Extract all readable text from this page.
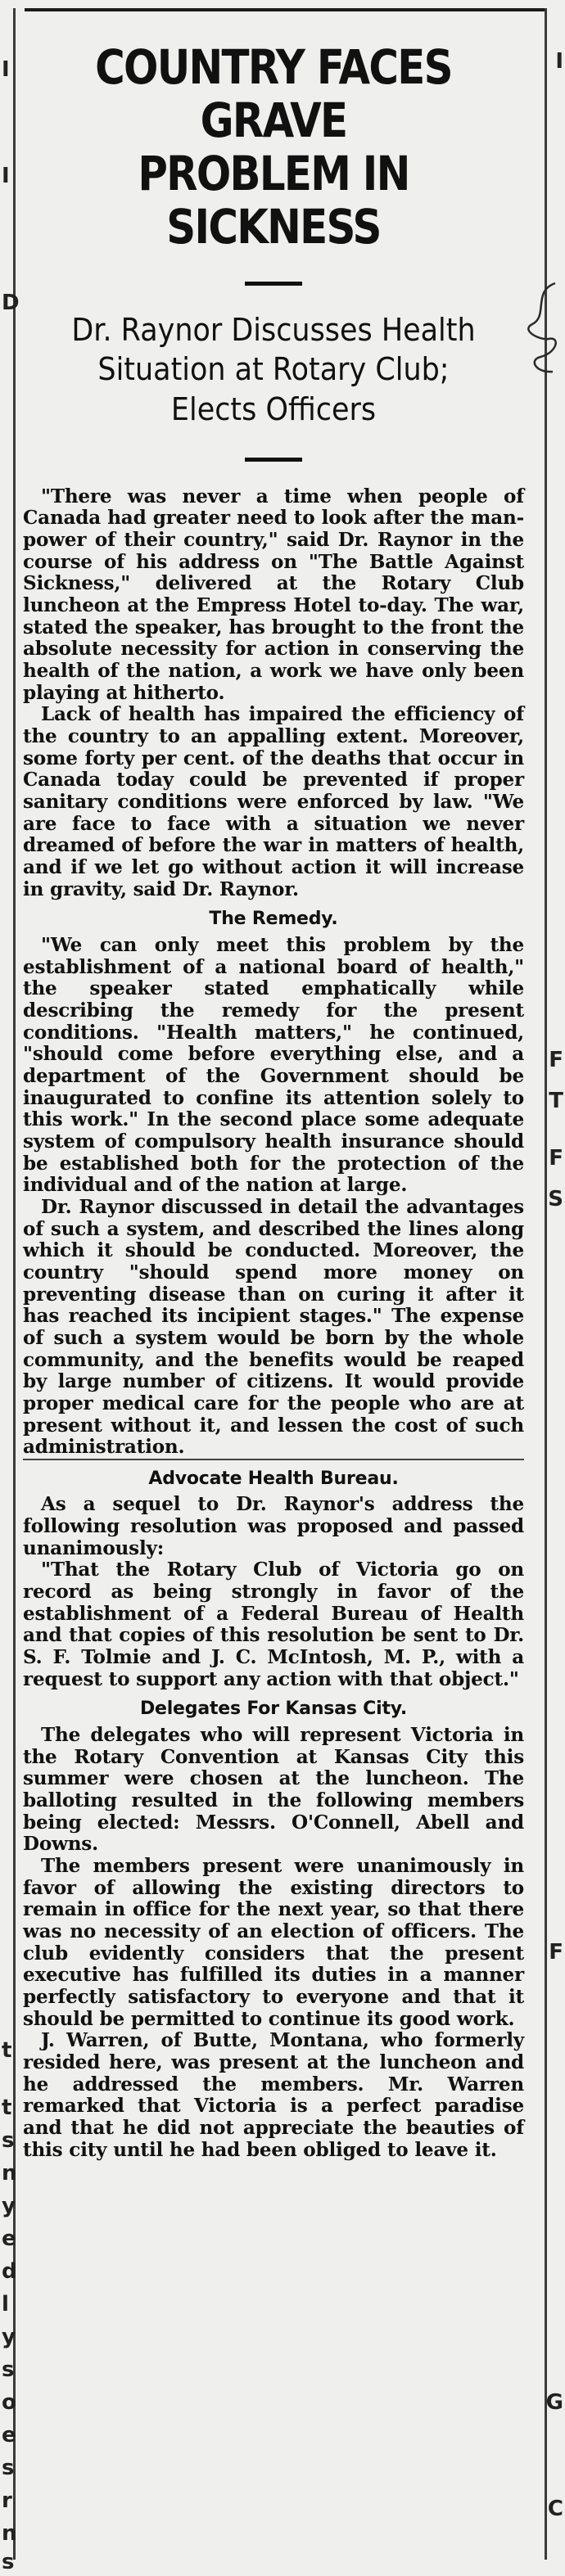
I
I
D
t
t
s
n
y
e
d
l
y
s
o
e
s
r
n
s
I
F
T
F
S
F
G
C
COUNTRY FACES GRAVE
PROBLEM IN SICKNESS
Dr. Raynor Discusses Health Situation at Rotary Club; Elects Officers

"There was never a time when people of Canada had greater need to look after the man-power of their country," said Dr. Raynor in the course of his address on "The Battle Against Sickness," delivered at the Rotary Club luncheon at the Empress Hotel to-day. The war, stated the speaker, has brought to the front the absolute necessity for action in conserving the health of the nation, a work we have only been playing at hitherto.

Lack of health has impaired the efficiency of the country to an appalling extent. Moreover, some forty per cent. of the deaths that occur in Canada today could be prevented if proper sanitary conditions were enforced by law. "We are face to face with a situation we never dreamed of before the war in matters of health, and if we let go without action it will increase in gravity, said Dr. Raynor.

The Remedy.

"We can only meet this problem by the establishment of a national board of health," the speaker stated emphatically while describing the remedy for the present conditions. "Health matters," he continued, "should come before everything else, and a department of the Government should be inaugurated to confine its attention solely to this work." In the second place some adequate system of compulsory health insurance should be established both for the protection of the individual and of the nation at large.

Dr. Raynor discussed in detail the advantages of such a system, and described the lines along which it should be conducted. Moreover, the country "should spend more money on preventing disease than on curing it after it has reached its incipient stages." The expense of such a system would be born by the whole community, and the benefits would be reaped by large number of citizens. It would provide proper medical care for the people who are at present without it, and lessen the cost of such administration.

Advocate Health Bureau.

As a sequel to Dr. Raynor's address the following resolution was proposed and passed unanimously:

"That the Rotary Club of Victoria go on record as being strongly in favor of the establishment of a Federal Bureau of Health and that copies of this resolution be sent to Dr. S. F. Tolmie and J. C. McIntosh, M. P., with a request to support any action with that object."

Delegates For Kansas City.

The delegates who will represent Victoria in the Rotary Convention at Kansas City this summer were chosen at the luncheon. The balloting resulted in the following members being elected: Messrs. O'Connell, Abell and Downs.

The members present were unanimously in favor of allowing the existing directors to remain in office for the next year, so that there was no necessity of an election of officers. The club evidently considers that the present executive has fulfilled its duties in a manner perfectly satisfactory to everyone and that it should be permitted to continue its good work.

J. Warren, of Butte, Montana, who formerly resided here, was present at the luncheon and he addressed the members. Mr. Warren remarked that Victoria is a perfect paradise and that he did not appreciate the beauties of this city until he had been obliged to leave it.
